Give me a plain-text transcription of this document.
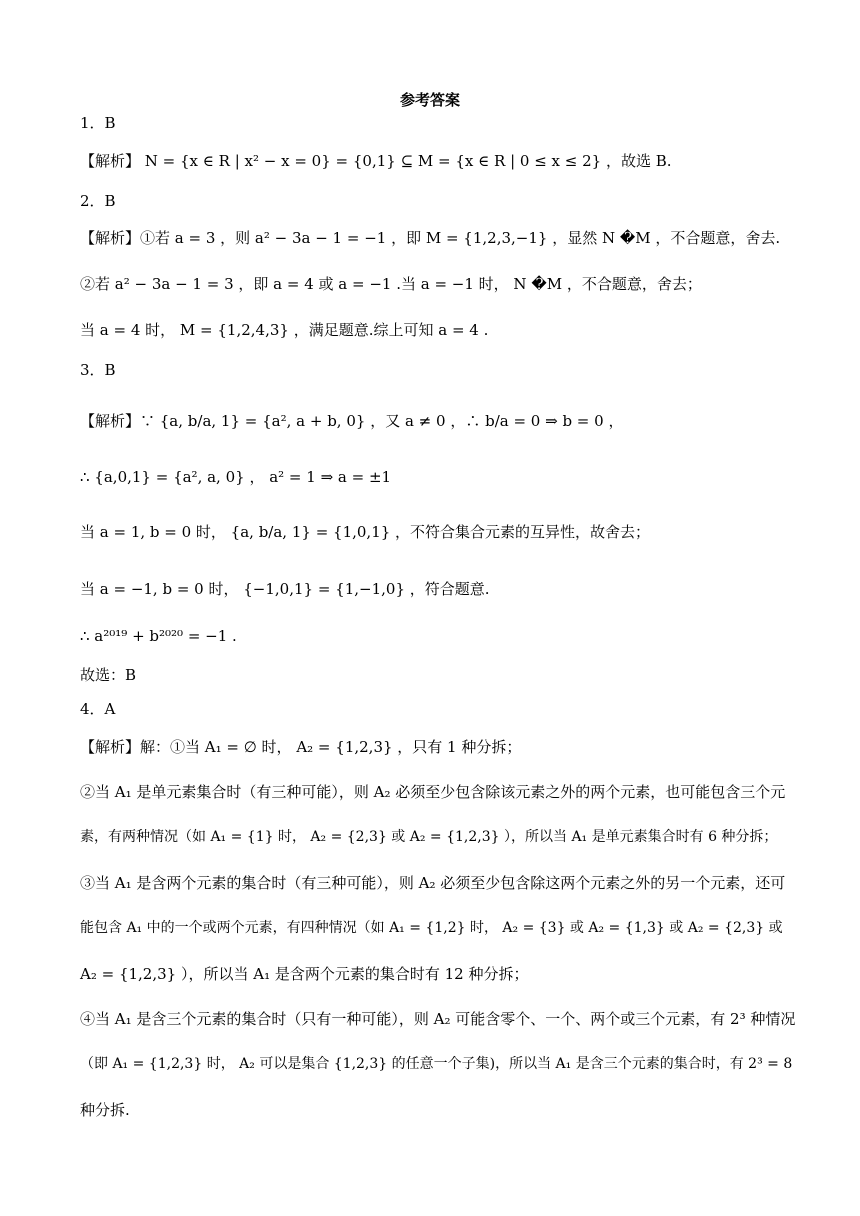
参考答案
1．B
【解析】 N = {x ∈ R | x² − x = 0} = {0,1} ⊆ M = {x ∈ R | 0 ≤ x ≤ 2} ，故选 B.
2．B
【解析】①若 a = 3 ，则 a² − 3a − 1 = −1 ，即 M = {1,2,3,−1} ，显然 N �M ，不合题意，舍去.
②若 a² − 3a − 1 = 3 ，即 a = 4 或 a = −1 .当 a = −1 时， N �M ，不合题意，舍去；
当 a = 4 时， M = {1,2,4,3} ，满足题意.综上可知 a = 4 .
3．B
【解析】∵ {a, b/a, 1} = {a², a + b, 0} ，又 a ≠ 0 ，∴ b/a = 0 ⇒ b = 0 ，
∴ {a,0,1} = {a², a, 0} ， a² = 1 ⇒ a = ±1
当 a = 1, b = 0 时， {a, b/a, 1} = {1,0,1} ，不符合集合元素的互异性，故舍去；
当 a = −1, b = 0 时， {−1,0,1} = {1,−1,0} ，符合题意.
∴ a²⁰¹⁹ + b²⁰²⁰ = −1 .
故选：B
4．A
【解析】解：①当 A₁ = ∅ 时， A₂ = {1,2,3} ，只有 1 种分拆；
②当 A₁ 是单元素集合时（有三种可能），则 A₂ 必须至少包含除该元素之外的两个元素，也可能包含三个元
素，有两种情况（如 A₁ = {1} 时， A₂ = {2,3} 或 A₂ = {1,2,3} ），所以当 A₁ 是单元素集合时有 6 种分拆；
③当 A₁ 是含两个元素的集合时（有三种可能），则 A₂ 必须至少包含除这两个元素之外的另一个元素，还可
能包含 A₁ 中的一个或两个元素，有四种情况（如 A₁ = {1,2} 时， A₂ = {3} 或 A₂ = {1,3} 或 A₂ = {2,3} 或
A₂ = {1,2,3} ），所以当 A₁ 是含两个元素的集合时有 12 种分拆；
④当 A₁ 是含三个元素的集合时（只有一种可能），则 A₂ 可能含零个、一个、两个或三个元素，有 2³ 种情况
（即 A₁ = {1,2,3} 时， A₂ 可以是集合 {1,2,3} 的任意一个子集)，所以当 A₁ 是含三个元素的集合时，有 2³ = 8
种分拆.
